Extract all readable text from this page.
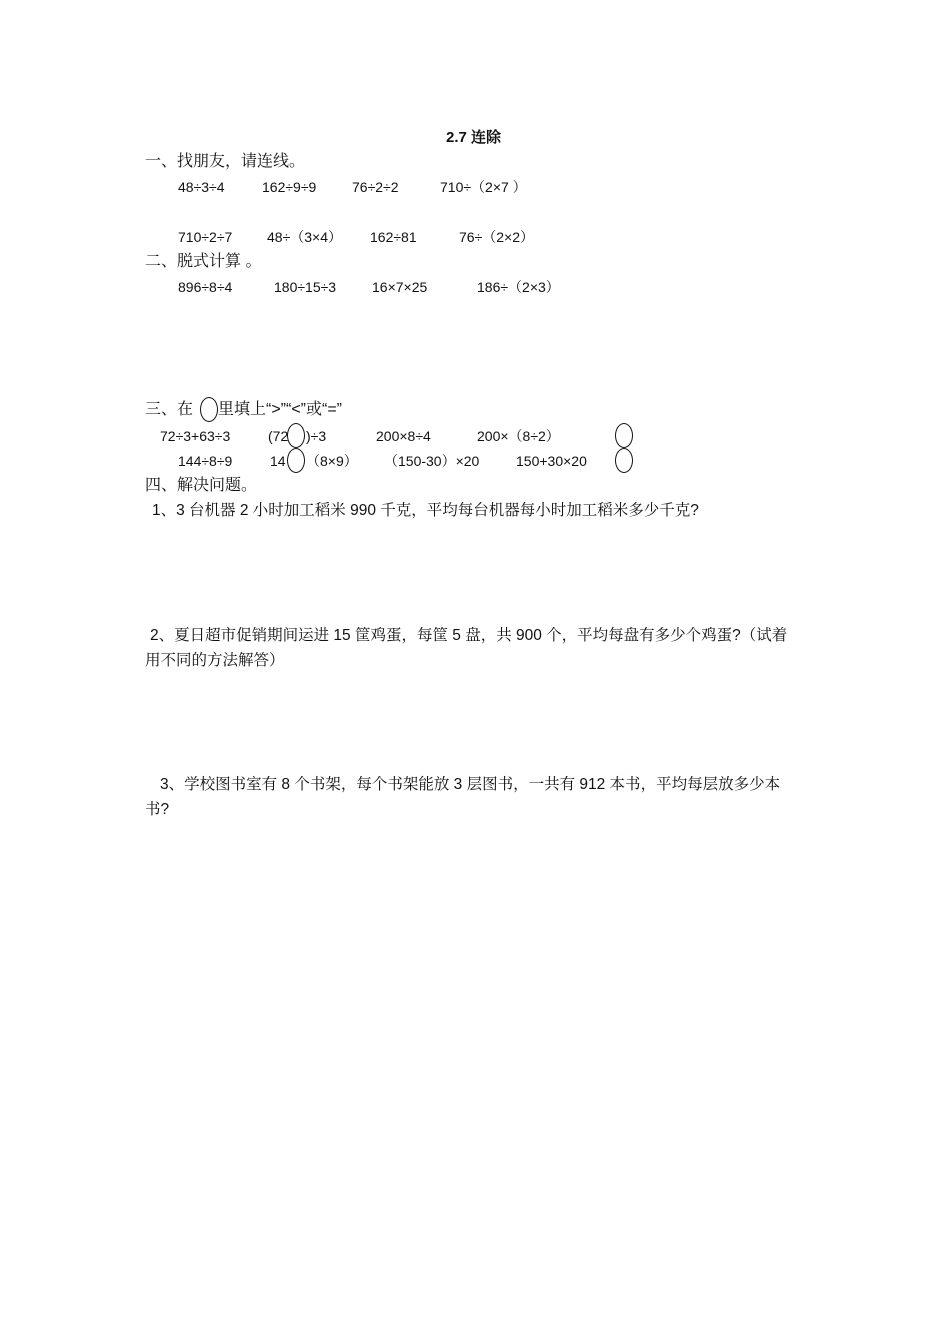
2.7 连除
一、找朋友，请连线。
48÷3÷4	162÷9÷9	76÷2÷2	710÷（2×7 ）
710÷2÷7 48÷（3×4） 162÷81	76÷（2×2）
二、脱式计算 。
896÷8÷4	180÷15÷3	16×7×25	186÷（2×3）
三、在 里填上“>”“<”或“=”
72÷3+63÷3	(72 )÷3	200×8÷4	200×（8÷2）
144÷8÷9	14 （8×9） （150-30）×20	150+30×20
四、解决问题。
1、3 台机器 2 小时加工稻米 990 千克，平均每台机器每小时加工稻米多少千克?
2、夏日超市促销期间运进 15 筐鸡蛋，每筐 5 盘，共 900 个，平均每盘有多少个鸡蛋?（试着
用不同的方法解答）
3、学校图书室有 8 个书架，每个书架能放 3 层图书，一共有 912 本书，平均每层放多少本
书?
